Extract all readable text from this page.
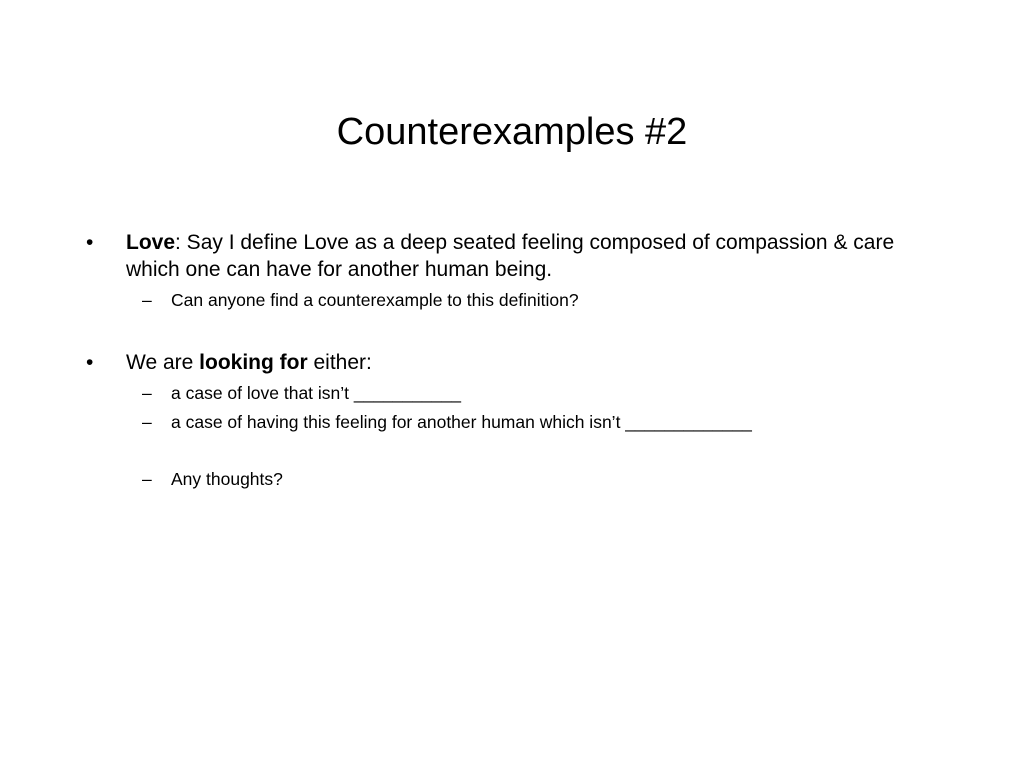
Counterexamples #2
•	Love: Say I define Love as a deep seated feeling composed of compassion & care which one can have for another human being.
–	Can anyone find a counterexample to this definition?
•	We are looking for either:
–	a case of love that isn’t ___________
–	a case of having this feeling for another human which isn’t _____________
–	Any thoughts?
